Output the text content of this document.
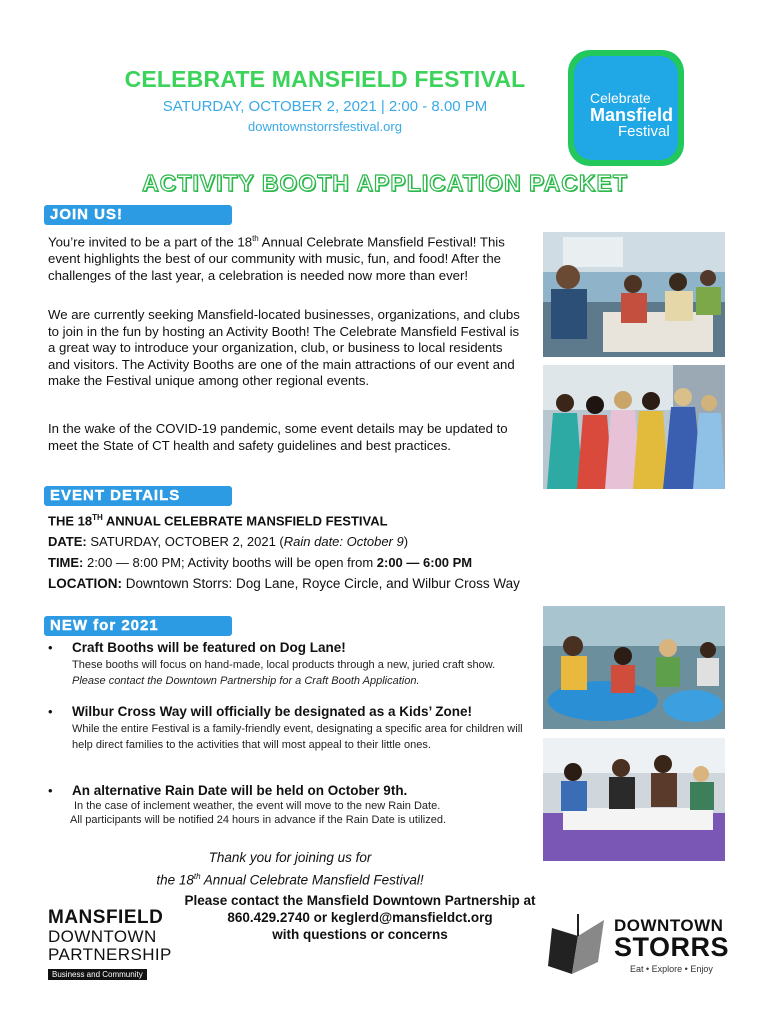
CELEBRATE MANSFIELD FESTIVAL
SATURDAY, OCTOBER 2, 2021 | 2:00 - 8.00 PM
downtownstorrsfestival.org
Celebrate
Mansfield
Festival
ACTIVITY BOOTH APPLICATION PACKET
JOIN US!
You’re invited to be a part of the 18th Annual Celebrate Mansfield Festival! This event highlights the best of our community with music, fun, and food! After the challenges of the last year, a celebration is needed now more than ever!
We are currently seeking Mansfield-located businesses, organizations, and clubs to join in the fun by hosting an Activity Booth! The Celebrate Mansfield Festival is a great way to introduce your organization, club, or business to local residents and visitors. The Activity Booths are one of the main attractions of our event and make the Festival unique among other regional events.
In the wake of the COVID-19 pandemic, some event details may be updated to meet the State of CT health and safety guidelines and best practices.
EVENT DETAILS
THE 18TH ANNUAL CELEBRATE MANSFIELD FESTIVAL
DATE: SATURDAY, OCTOBER 2, 2021 (Rain date: October 9)
TIME: 2:00 — 8:00 PM; Activity booths will be open from 2:00 — 6:00 PM
LOCATION: Downtown Storrs: Dog Lane, Royce Circle, and Wilbur Cross Way
NEW for 2021
• Craft Booths will be featured on Dog Lane!
These booths will focus on hand-made, local products through a new, juried craft show. Please contact the Downtown Partnership for a Craft Booth Application.
• Wilbur Cross Way will officially be designated as a Kids’ Zone!
While the entire Festival is a family-friendly event, designating a specific area for children will help direct families to the activities that will most appeal to their little ones.
• An alternative Rain Date will be held on October 9th.
In the case of inclement weather, the event will move to the new Rain Date.
All participants will be notified 24 hours in advance if the Rain Date is utilized.
Thank you for joining us for
the 18th Annual Celebrate Mansfield Festival!
Please contact the Mansfield Downtown Partnership at
860.429.2740 or keglerd@mansfieldct.org
with questions or concerns
MANSFIELD
DOWNTOWN
PARTNERSHIP
Business and Community
DOWNTOWN
STORRS
Eat • Explore • Enjoy
